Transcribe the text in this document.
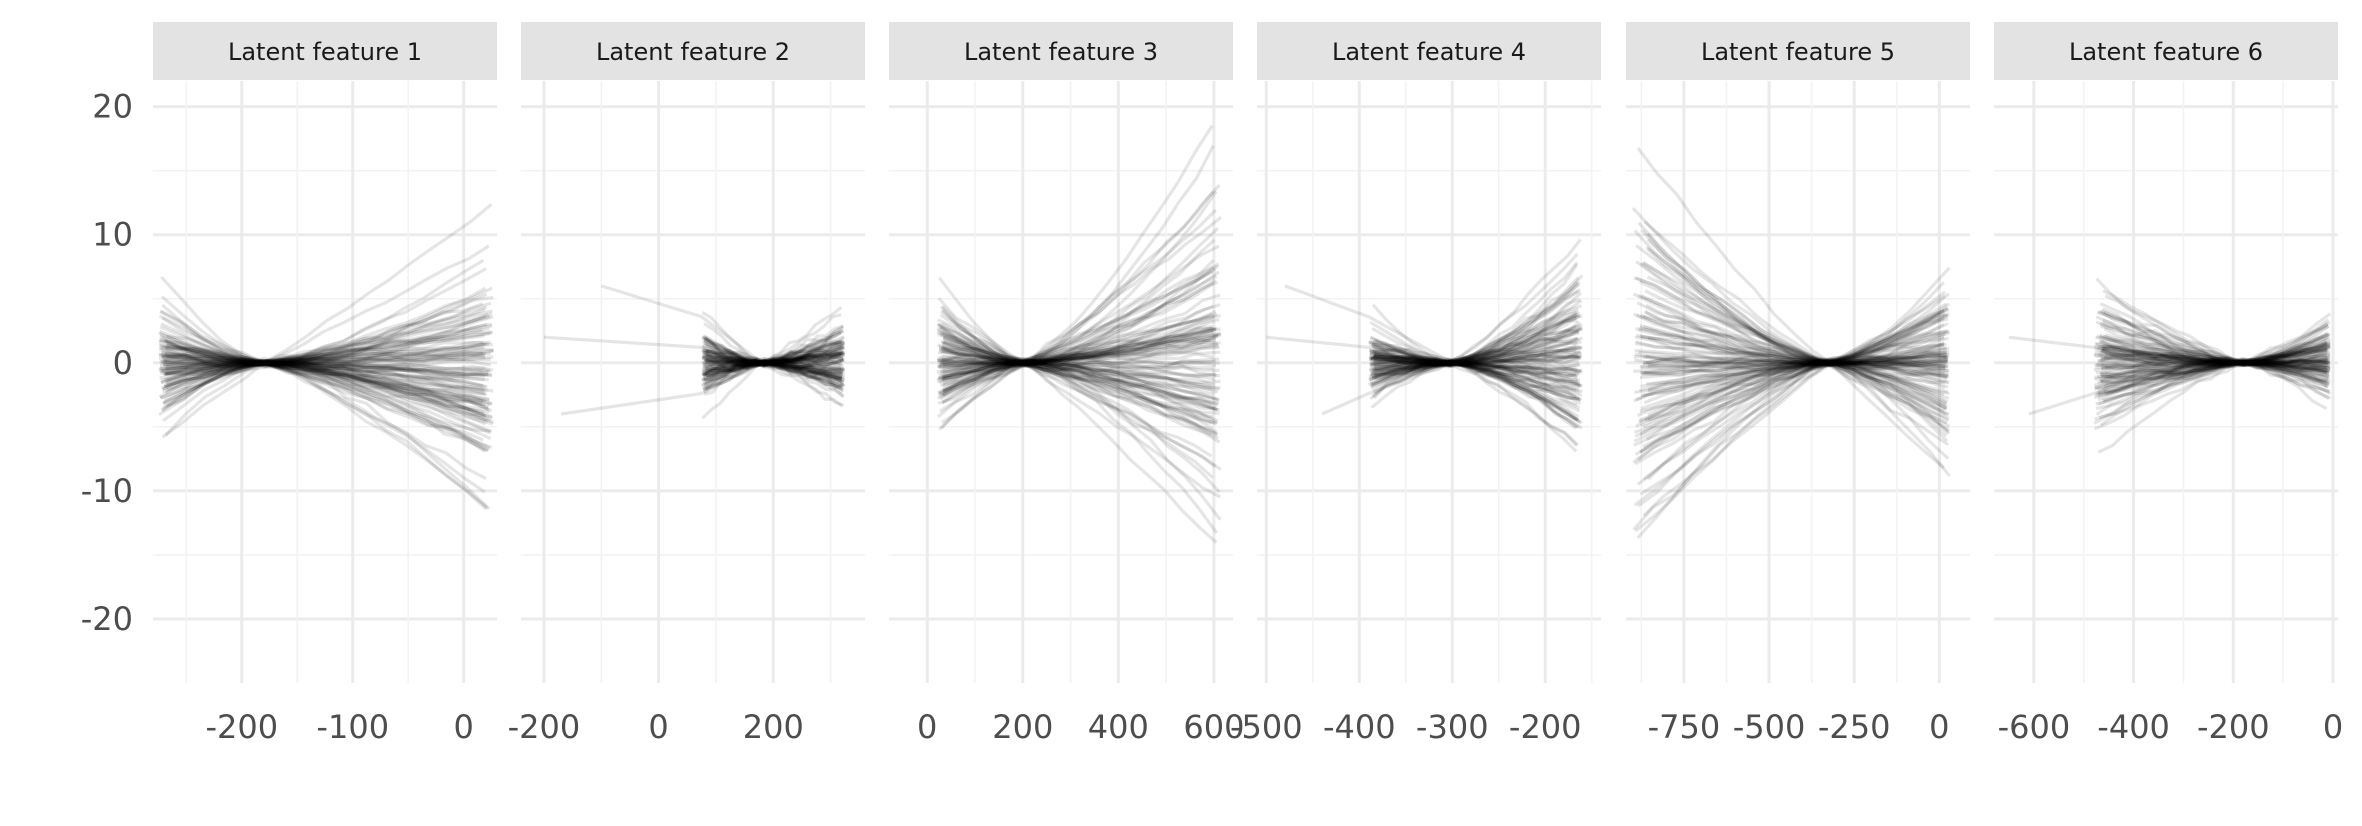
-20
-10
0
10
20
Latent feature 1
-200 -100 0
Latent feature 2
-200 0 200
Latent feature 3
0 200 400 600
Latent feature 4
-500 -400 -300 -200
Latent feature 5
-750 -500 -250 0
Latent feature 6
-600 -400 -200 0
